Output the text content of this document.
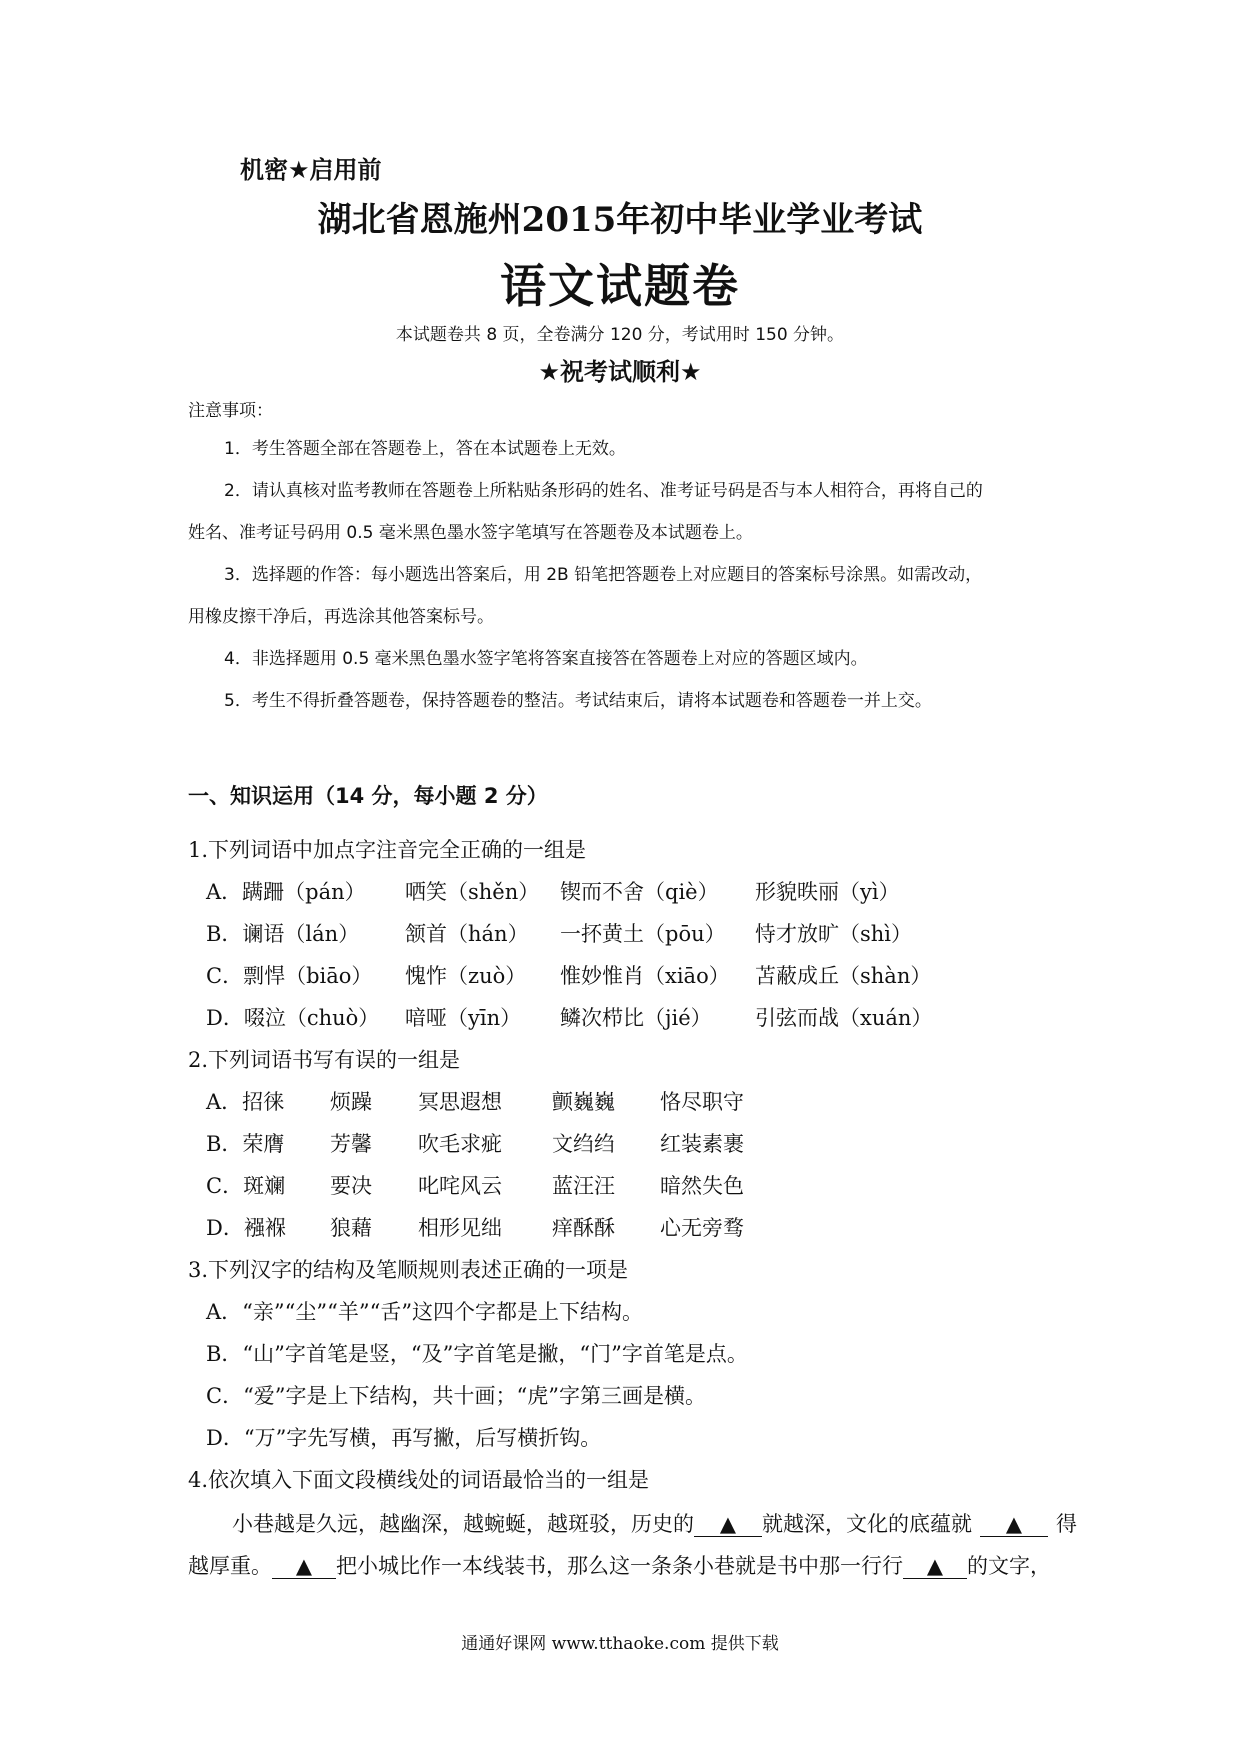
机密★启用前
湖北省恩施州2015年初中毕业学业考试
语文试题卷
本试题卷共 8 页，全卷满分 120 分，考试用时 150 分钟。
★祝考试顺利★
注意事项：
1．考生答题全部在答题卷上，答在本试题卷上无效。
2．请认真核对监考教师在答题卷上所粘贴条形码的姓名、准考证号码是否与本人相符合，再将自己的
姓名、准考证号码用 0.5 毫米黑色墨水签字笔填写在答题卷及本试题卷上。
3．选择题的作答：每小题选出答案后，用 2B 铅笔把答题卷上对应题目的答案标号涂黑。如需改动，
用橡皮擦干净后，再选涂其他答案标号。
4．非选择题用 0.5 毫米黑色墨水签字笔将答案直接答在答题卷上对应的答题区域内。
5．考生不得折叠答题卷，保持答题卷的整洁。考试结束后，请将本试题卷和答题卷一并上交。
一、知识运用（14 分，每小题 2 分）
1.下列词语中加点字注音完全正确的一组是
A．蹒跚（pán） 哂笑（shěn） 锲而不舍（qiè） 形貌昳丽（yì）
B．谰语（lán） 颔首（hán） 一抔黄土（pōu） 恃才放旷（shì）
C．剽悍（biāo） 愧怍（zuò） 惟妙惟肖（xiāo） 苫蔽成丘（shàn）
D．啜泣（chuò） 喑哑（yīn） 鳞次栉比（jié） 引弦而战（xuán）
2.下列词语书写有误的一组是
A．招徕 烦躁 冥思遐想 颤巍巍 恪尽职守
B．荣膺 芳馨 吹毛求疵 文绉绉 红装素裹
C．斑斓 要决 叱咤风云 蓝汪汪 暗然失色
D．襁褓 狼藉 相形见绌 痒酥酥 心无旁骛
3.下列汉字的结构及笔顺规则表述正确的一项是
A．“亲”“尘”“羊”“舌”这四个字都是上下结构。
B．“山”字首笔是竖，“及”字首笔是撇，“门”字首笔是点。
C．“爱”字是上下结构，共十画；“虎”字第三画是横。
D．“万”字先写横，再写撇，后写横折钩。
4.依次填入下面文段横线处的词语最恰当的一组是
小巷越是久远，越幽深，越蜿蜒，越斑驳，历史的 ▲ 就越深，文化的底蕴就 ▲ 得
越厚重。 ▲ 把小城比作一本线装书，那么这一条条小巷就是书中那一行行 ▲ 的文字，
通通好课网 www.tthaoke.com 提供下载
